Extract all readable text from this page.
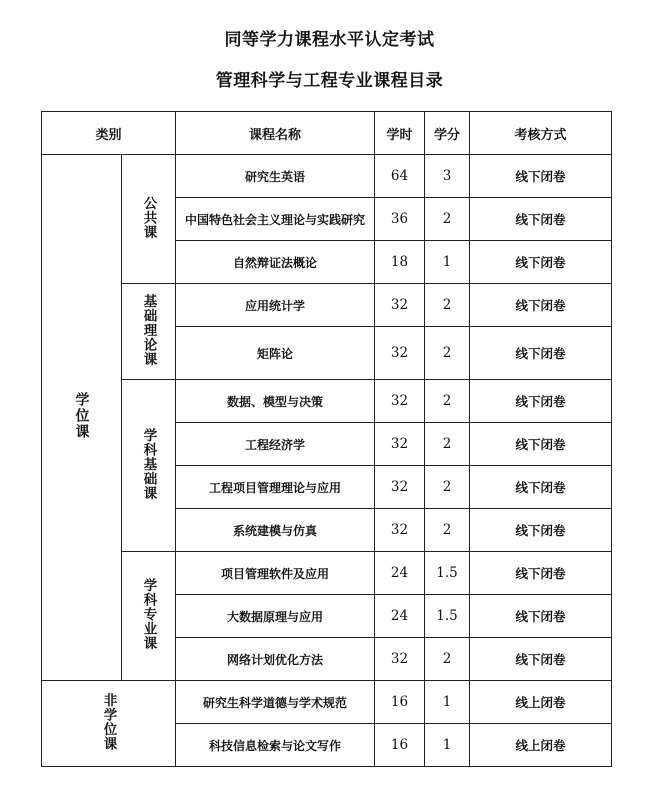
同等学力课程水平认定考试
管理科学与工程专业课程目录
类别		课程名称	学时	学分	考核方式
学位课	公共课	研究生英语	64	3	线下闭卷
		中国特色社会主义理论与实践研究	36	2	线下闭卷
		自然辩证法概论	18	1	线下闭卷
	基础理论课	应用统计学	32	2	线下闭卷
		矩阵论	32	2	线下闭卷
	学科基础课	数据、模型与决策	32	2	线下闭卷
		工程经济学	32	2	线下闭卷
		工程项目管理理论与应用	32	2	线下闭卷
		系统建模与仿真	32	2	线下闭卷
	学科专业课	项目管理软件及应用	24	1.5	线下闭卷
		大数据原理与应用	24	1.5	线下闭卷
		网络计划优化方法	32	2	线下闭卷
非学位课		研究生科学道德与学术规范	16	1	线上闭卷
		科技信息检索与论文写作	16	1	线上闭卷
